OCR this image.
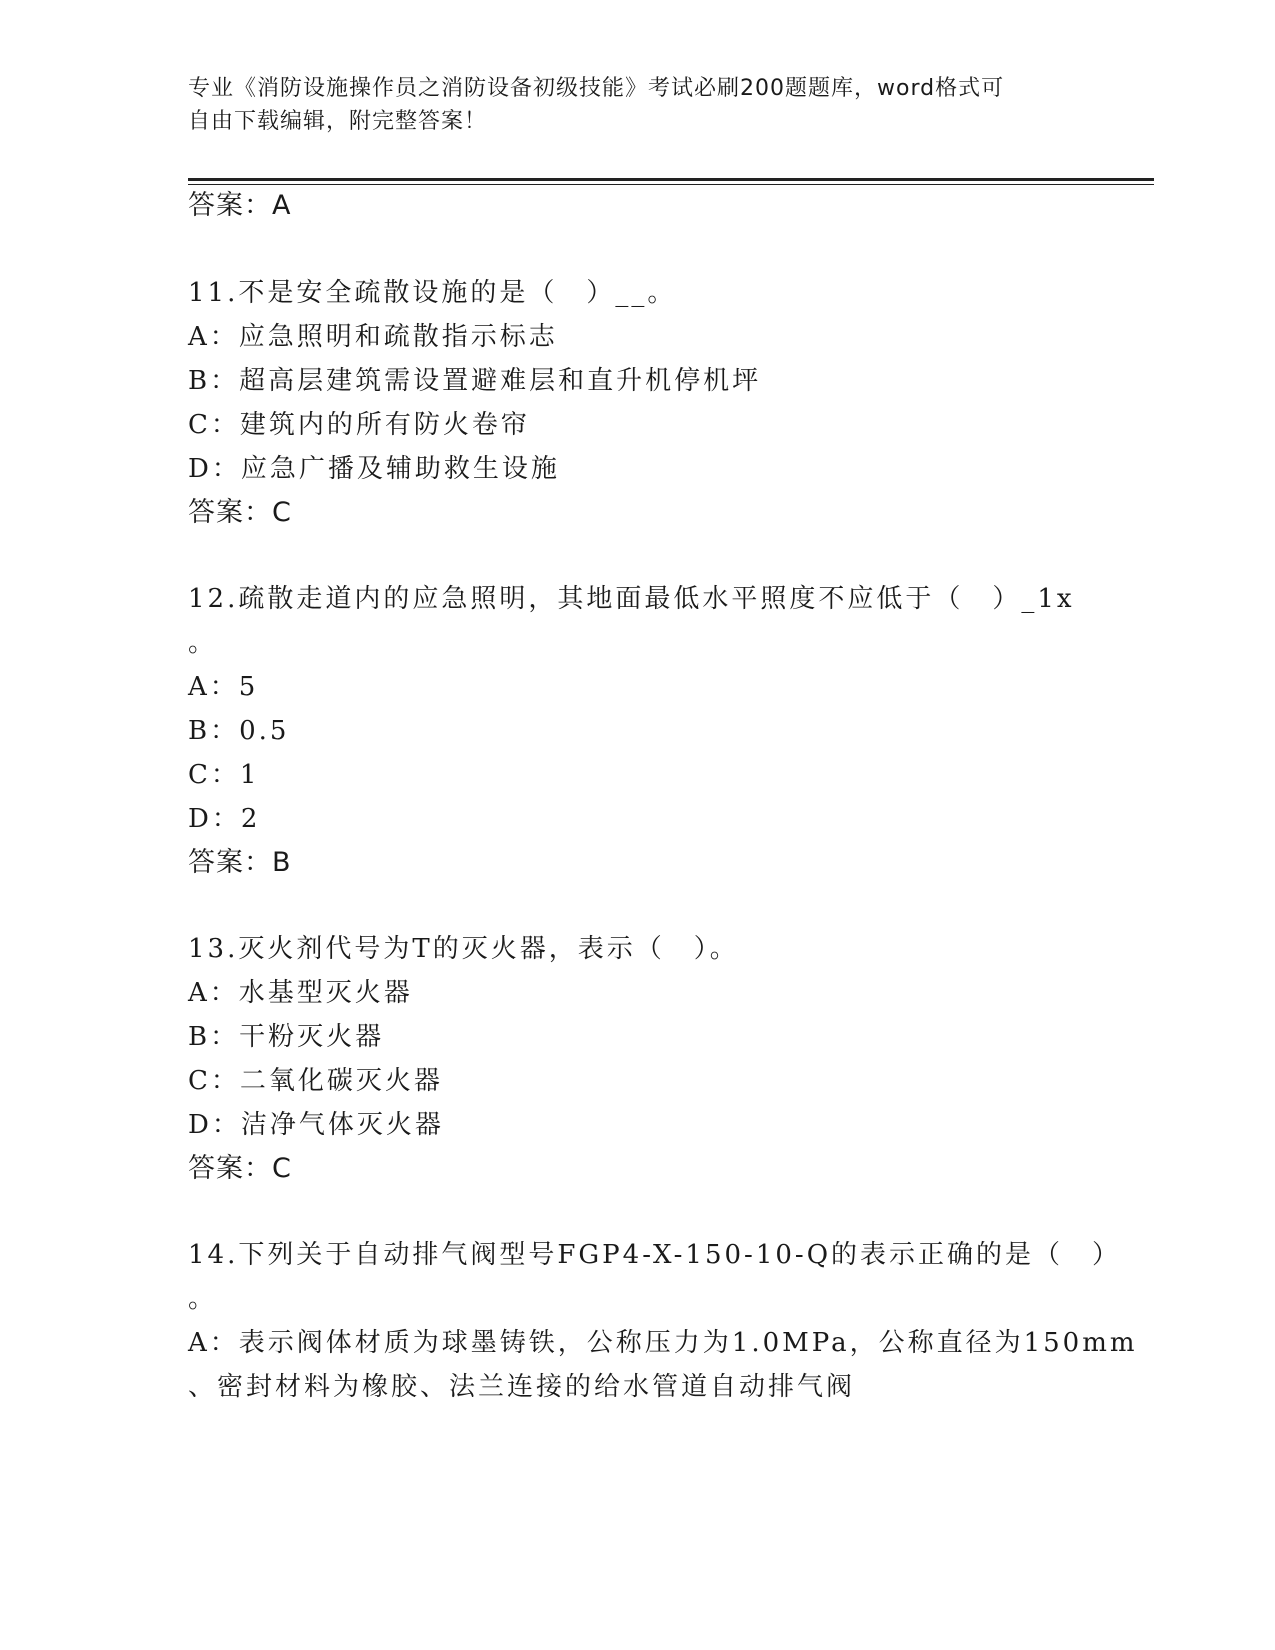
专业《消防设施操作员之消防设备初级技能》考试必刷200题题库，word格式可
自由下载编辑，附完整答案！
答案：A
11.不是安全疏散设施的是（　）__。
A：应急照明和疏散指示标志
B：超高层建筑需设置避难层和直升机停机坪
C：建筑内的所有防火卷帘
D：应急广播及辅助救生设施
答案：C
12.疏散走道内的应急照明，其地面最低水平照度不应低于（　）_1x
。
A：5
B：0.5
C：1
D：2
答案：B
13.灭火剂代号为T的灭火器，表示（　）。
A：水基型灭火器
B：干粉灭火器
C：二氧化碳灭火器
D：洁净气体灭火器
答案：C
14.下列关于自动排气阀型号FGP4-X-150-10-Q的表示正确的是（　）
。
A：表示阀体材质为球墨铸铁，公称压力为1.0MPa，公称直径为150mm
、密封材料为橡胶、法兰连接的给水管道自动排气阀
